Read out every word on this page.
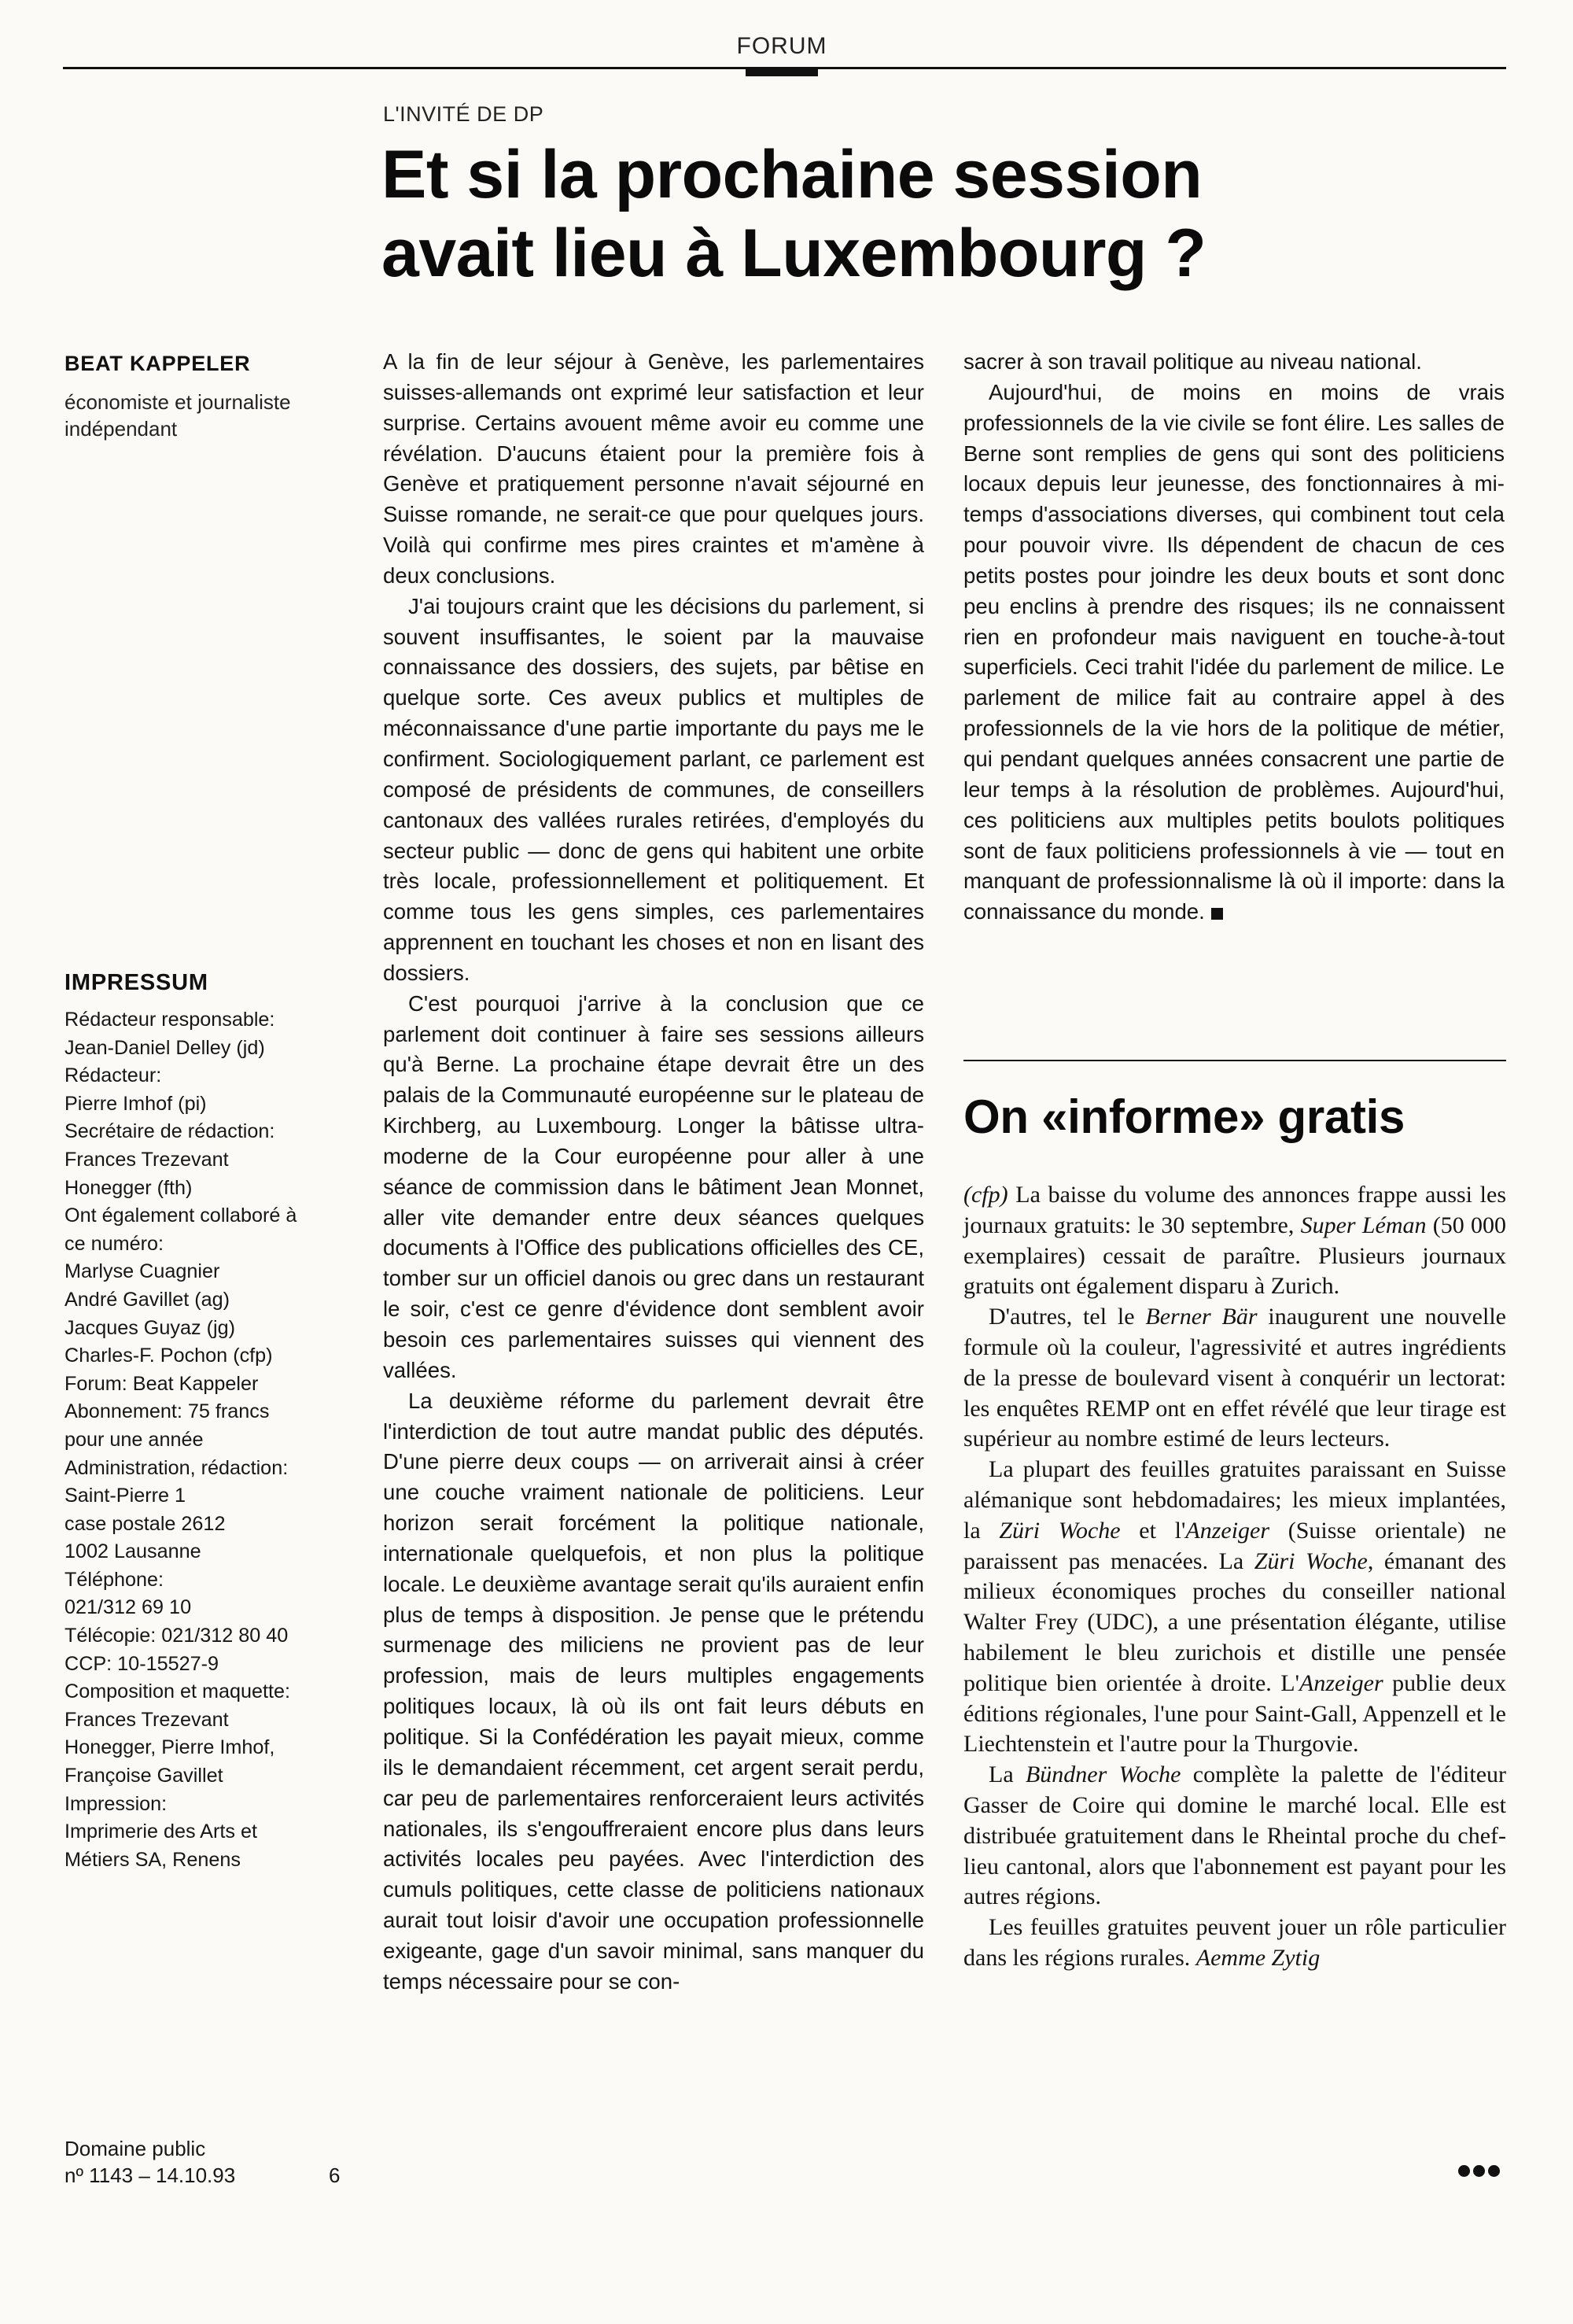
FORUM
L'INVITÉ DE DP
Et si la prochaine session
avait lieu à Luxembourg ?
BEAT KAPPELER
économiste et journaliste
indépendant
IMPRESSUM
Rédacteur responsable:
Jean-Daniel Delley (jd)
Rédacteur:
Pierre Imhof (pi)
Secrétaire de rédaction:
Frances Trezevant
Honegger (fth)
Ont également collaboré à
ce numéro:
Marlyse Cuagnier
André Gavillet (ag)
Jacques Guyaz (jg)
Charles-F. Pochon (cfp)
Forum: Beat Kappeler
Abonnement: 75 francs
pour une année
Administration, rédaction:
Saint-Pierre 1
case postale 2612
1002 Lausanne
Téléphone:
021/312 69 10
Télécopie: 021/312 80 40
CCP: 10-15527-9
Composition et maquette:
Frances Trezevant
Honegger, Pierre Imhof,
Françoise Gavillet
Impression:
Imprimerie des Arts et
Métiers SA, Renens
Domaine public
nº 1143 – 14.10.93	6

A la fin de leur séjour à Genève, les parlementaires suisses-allemands ont exprimé leur satisfaction et leur surprise. Certains avouent même avoir eu comme une révélation. D'aucuns étaient pour la première fois à Genève et pratiquement personne n'avait séjourné en Suisse romande, ne serait-ce que pour quelques jours. Voilà qui confirme mes pires craintes et m'amène à deux conclusions.

J'ai toujours craint que les décisions du parlement, si souvent insuffisantes, le soient par la mauvaise connaissance des dossiers, des sujets, par bêtise en quelque sorte. Ces aveux publics et multiples de méconnaissance d'une partie importante du pays me le confirment. Sociologiquement parlant, ce parlement est composé de présidents de communes, de conseillers cantonaux des vallées rurales retirées, d'employés du secteur public — donc de gens qui habitent une orbite très locale, professionnellement et politiquement. Et comme tous les gens simples, ces parlementaires apprennent en touchant les choses et non en lisant des dossiers.

C'est pourquoi j'arrive à la conclusion que ce parlement doit continuer à faire ses sessions ailleurs qu'à Berne. La prochaine étape devrait être un des palais de la Communauté européenne sur le plateau de Kirchberg, au Luxembourg. Longer la bâtisse ultra-moderne de la Cour européenne pour aller à une séance de commission dans le bâtiment Jean Monnet, aller vite demander entre deux séances quelques documents à l'Office des publications officielles des CE, tomber sur un officiel danois ou grec dans un restaurant le soir, c'est ce genre d'évidence dont semblent avoir besoin ces parlementaires suisses qui viennent des vallées.

La deuxième réforme du parlement devrait être l'interdiction de tout autre mandat public des députés. D'une pierre deux coups — on arriverait ainsi à créer une couche vraiment nationale de politiciens. Leur horizon serait forcément la politique nationale, internationale quelquefois, et non plus la politique locale. Le deuxième avantage serait qu'ils auraient enfin plus de temps à disposition. Je pense que le prétendu surmenage des miliciens ne provient pas de leur profession, mais de leurs multiples engagements politiques locaux, là où ils ont fait leurs débuts en politique. Si la Confédération les payait mieux, comme ils le demandaient récemment, cet argent serait perdu, car peu de parlementaires renforceraient leurs activités nationales, ils s'engouffreraient encore plus dans leurs activités locales peu payées. Avec l'interdiction des cumuls politiques, cette classe de politiciens nationaux aurait tout loisir d'avoir une occupation professionnelle exigeante, gage d'un savoir minimal, sans manquer du temps nécessaire pour se con-

sacrer à son travail politique au niveau national.

Aujourd'hui, de moins en moins de vrais professionnels de la vie civile se font élire. Les salles de Berne sont remplies de gens qui sont des politiciens locaux depuis leur jeunesse, des fonctionnaires à mi-temps d'associations diverses, qui combinent tout cela pour pouvoir vivre. Ils dépendent de chacun de ces petits postes pour joindre les deux bouts et sont donc peu enclins à prendre des risques; ils ne connaissent rien en profondeur mais naviguent en touche-à-tout superficiels. Ceci trahit l'idée du parlement de milice. Le parlement de milice fait au contraire appel à des professionnels de la vie hors de la politique de métier, qui pendant quelques années consacrent une partie de leur temps à la résolution de problèmes. Aujourd'hui, ces politiciens aux multiples petits boulots politiques sont de faux politiciens professionnels à vie — tout en manquant de professionnalisme là où il importe: dans la connaissance du monde.

On «informe» gratis

(cfp) La baisse du volume des annonces frappe aussi les journaux gratuits: le 30 septembre, Super Léman (50 000 exemplaires) cessait de paraître. Plusieurs journaux gratuits ont également disparu à Zurich.

D'autres, tel le Berner Bär inaugurent une nouvelle formule où la couleur, l'agressivité et autres ingrédients de la presse de boulevard visent à conquérir un lectorat: les enquêtes REMP ont en effet révélé que leur tirage est supérieur au nombre estimé de leurs lecteurs.

La plupart des feuilles gratuites paraissant en Suisse alémanique sont hebdomadaires; les mieux implantées, la Züri Woche et l'Anzeiger (Suisse orientale) ne paraissent pas menacées. La Züri Woche, émanant des milieux économiques proches du conseiller national Walter Frey (UDC), a une présentation élégante, utilise habilement le bleu zurichois et distille une pensée politique bien orientée à droite. L'Anzeiger publie deux éditions régionales, l'une pour Saint-Gall, Appenzell et le Liechtenstein et l'autre pour la Thurgovie.

La Bündner Woche complète la palette de l'éditeur Gasser de Coire qui domine le marché local. Elle est distribuée gratuitement dans le Rheintal proche du chef-lieu cantonal, alors que l'abonnement est payant pour les autres régions.

Les feuilles gratuites peuvent jouer un rôle particulier dans les régions rurales. Aemme Zytig
